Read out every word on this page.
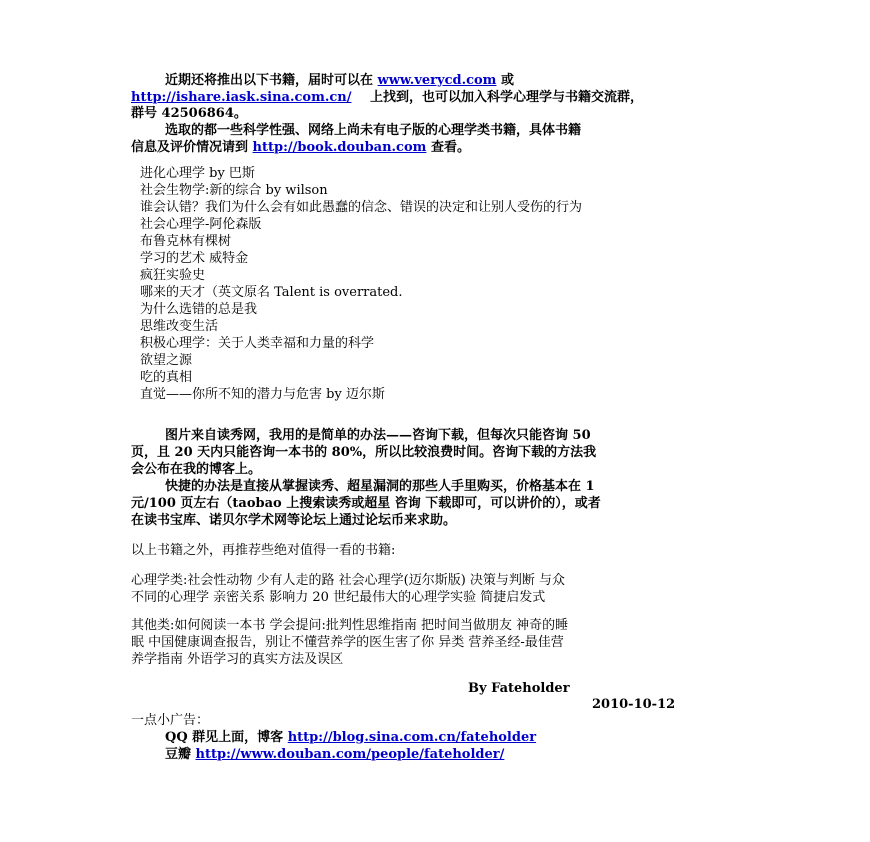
近期还将推出以下书籍，届时可以在 www.verycd.com 或
http://ishare.iask.sina.com.cn/ 上找到，也可以加入科学心理学与书籍交流群，
群号 42506864。
选取的都一些科学性强、网络上尚未有电子版的心理学类书籍，具体书籍
信息及评价情况请到 http://book.douban.com 查看。
进化心理学 by 巴斯
社会生物学:新的综合 by wilson
谁会认错？我们为什么会有如此愚蠢的信念、错误的决定和让别人受伤的行为
社会心理学-阿伦森版
布鲁克林有棵树
学习的艺术 威特金
疯狂实验史
哪来的天才（英文原名 Talent is overrated.
为什么选错的总是我
思维改变生活
积极心理学：关于人类幸福和力量的科学
欲望之源
吃的真相
直觉——你所不知的潜力与危害 by 迈尔斯
图片来自读秀网，我用的是简单的办法——咨询下载，但每次只能咨询 50
页，且 20 天内只能咨询一本书的 80%，所以比较浪费时间。咨询下载的方法我
会公布在我的博客上。
快捷的办法是直接从掌握读秀、超星漏洞的那些人手里购买，价格基本在 1
元/100 页左右（taobao 上搜索读秀或超星 咨询 下载即可，可以讲价的），或者
在读书宝库、诺贝尔学术网等论坛上通过论坛币来求助。
以上书籍之外，再推荐些绝对值得一看的书籍:
心理学类:社会性动物 少有人走的路 社会心理学(迈尔斯版) 决策与判断 与众
不同的心理学 亲密关系 影响力 20 世纪最伟大的心理学实验 简捷启发式
其他类:如何阅读一本书 学会提问:批判性思维指南 把时间当做朋友 神奇的睡
眠 中国健康调查报告，别让不懂营养学的医生害了你 异类 营养圣经-最佳营
养学指南 外语学习的真实方法及误区
By Fateholder
2010-10-12
一点小广告：
QQ 群见上面，博客 http://blog.sina.com.cn/fateholder
豆瓣 http://www.douban.com/people/fateholder/
